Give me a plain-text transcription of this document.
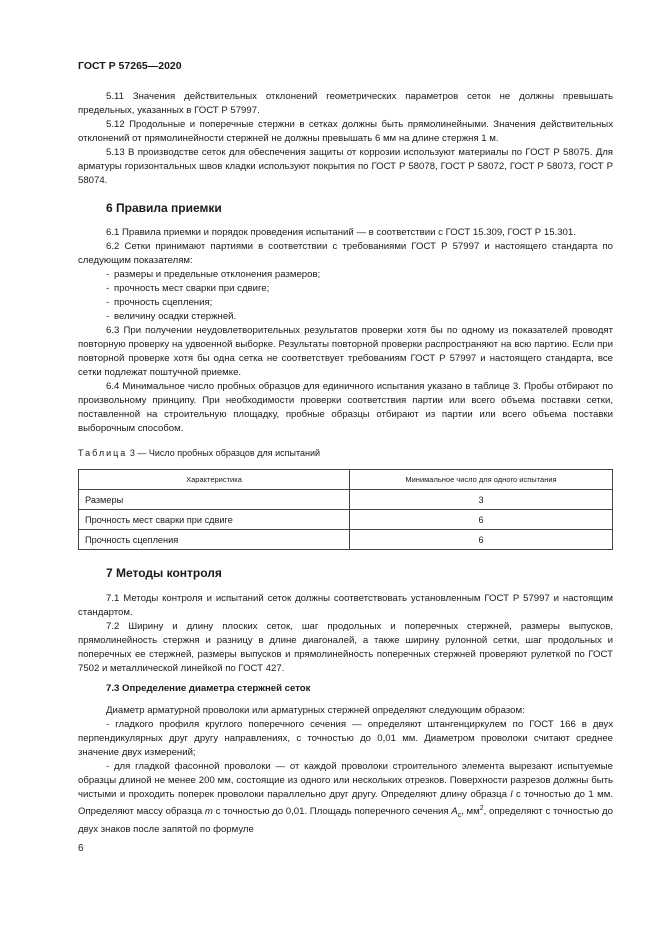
ГОСТ Р 57265—2020

5.11 Значения действительных отклонений геометрических параметров сеток не должны превышать предельных, указанных в ГОСТ Р 57997.

5.12 Продольные и поперечные стержни в сетках должны быть прямолинейными. Значения действительных отклонений от прямолинейности стержней не должны превышать 6 мм на длине стержня 1 м.

5.13 В производстве сеток для обеспечения защиты от коррозии используют материалы по ГОСТ Р 58075. Для арматуры горизонтальных швов кладки используют покрытия по ГОСТ Р 58078, ГОСТ Р 58072, ГОСТ Р 58073, ГОСТ Р 58074.

6 Правила приемки

6.1 Правила приемки и порядок проведения испытаний — в соответствии с ГОСТ 15.309, ГОСТ Р 15.301.

6.2 Сетки принимают партиями в соответствии с требованиями ГОСТ Р 57997 и настоящего стандарта по следующим показателям:

- размеры и предельные отклонения размеров;

- прочность мест сварки при сдвиге;

- прочность сцепления;

- величину осадки стержней.

6.3 При получении неудовлетворительных результатов проверки хотя бы по одному из показателей проводят повторную проверку на удвоенной выборке. Результаты повторной проверки распространяют на всю партию. Если при повторной проверке хотя бы одна сетка не соответствует требованиям ГОСТ Р 57997 и настоящего стандарта, все сетки подлежат поштучной приемке.

6.4 Минимальное число пробных образцов для единичного испытания указано в таблице 3. Пробы отбирают по произвольному принципу. При необходимости проверки соответствия партии или всего объема поставки сетки, поставленной на строительную площадку, пробные образцы отбирают из партии или всего объема поставки выборочным способом.

Таблица 3 — Число пробных образцов для испытаний
Характеристика	Минимальное число для одного испытания
Размеры	3
Прочность мест сварки при сдвиге	6
Прочность сцепления	6
7 Методы контроля

7.1 Методы контроля и испытаний сеток должны соответствовать установленным ГОСТ Р 57997 и настоящим стандартом.

7.2 Ширину и длину плоских сеток, шаг продольных и поперечных стержней, размеры выпусков, прямолинейность стержня и разницу в длине диагоналей, а также ширину рулонной сетки, шаг продольных и поперечных ее стержней, размеры выпусков и прямолинейность поперечных стержней проверяют рулеткой по ГОСТ 7502 и металлической линейкой по ГОСТ 427.

7.3 Определение диаметра стержней сеток

Диаметр арматурной проволоки или арматурных стержней определяют следующим образом:

- гладкого профиля круглого поперечного сечения — определяют штангенциркулем по ГОСТ 166 в двух перпендикулярных друг другу направлениях, с точностью до 0,01 мм. Диаметром проволоки считают среднее значение двух измерений;

- для гладкой фасонной проволоки — от каждой проволоки строительного элемента вырезают испытуемые образцы длиной не менее 200 мм, состоящие из одного или нескольких отрезков. Поверхности разрезов должны быть чистыми и проходить поперек проволоки параллельно друг другу. Определяют длину образца l с точностью до 1 мм. Определяют массу образца m с точностью до 0,01. Площадь поперечного сечения $A_c$, $мм^2$, определяют с точностью до двух знаков после запятой по формуле

6
